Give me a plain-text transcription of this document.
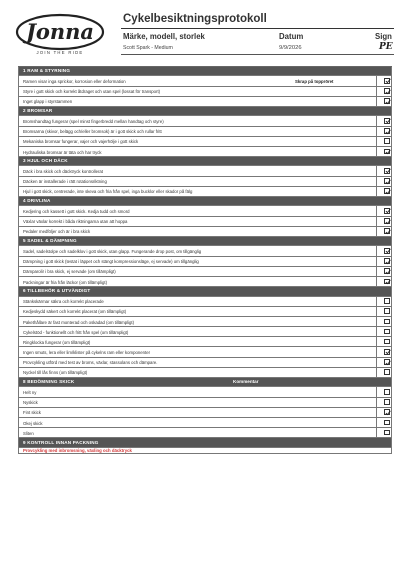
Jonna
JOIN THE RIDE
Cykelbesiktningsprotokoll
Märke, modell, storlek	Datum	Sign
Scott Spark - Medium	9/9/2026	PE
1 RAM & STYRNING
Ramen visar inga sprickor, korrosion eller deformation	Skrap på toppröret
Styre i gott skick och korrekt åtdraget och utan spel (lossat för transport)
Inget glapp i styrstammen
2 BROMSAR
Bromshandtag fungerar (spel minst fingerbredd mellan handtag och styre)
Bromsarna (skivor, belägg och/eller bromsok) är i gott skick och rullar fritt
Mekaniska bromsar fungerar, vajer och vajerhölje i gott skick
Hydrauliska bromsar är täta och har tryck
3 HJUL OCH DÄCK
Däck i bra skick och däcktryck kontrollerat
Däcken är installerade i rätt rotationsriktning
Hjul i gott skick, centrerade, inte skeva och fria från spel, inga bucklor eller skador på fälg
4 DRIVLINA
Kedjering och kassett i gott skick. Kedja tudd och smord
Växlar växlar korrekt i båda riktningarna utan att hoppa
Pedaler medföljer och är i bra skick
5 SADEL & DÄMPNING
Sadel, sadelstolpe och sadelklov i gott skick, utan glapp. Fungerande drop post, om tillgänglig
Dämpning i gott skick (testat i läppet och stängt kompressionsläge, ej servade) om tillgänglig
Dämparolir i bra skick, ej servade (om tillämpligt)
Packningar är fria från läckor (om tillämpligt)
6 TILLBEHÖR & UTVÄNDIGT
Stänkskärmar säkra och korrekt placerade
Kedjeskydd säkert och korrekt placerat (om tillämpligt)
Pakethållare är fast monterad och oskadad (om tillämpligt)
Cykelstöd - funktionellt och fritt från spel (om tillämpligt)
Ringklocka fungerar (om tillämpligt)
Ingen smuts, lera eller lim/klister på cykelns ram eller komponenter
Provcykling utförd med test av broms, växlar, stassolans och dämpare.
Nyckel till lås finns (om tillämpligt)
8 BEDÖMNING SKICK	Kommentar
Helt ny
Nyskick
Fint skick
Okej skick
Sliten
9 KONTROLL INNAN PACKNING
Provcykling med inbromsning, växling och däcktryck
